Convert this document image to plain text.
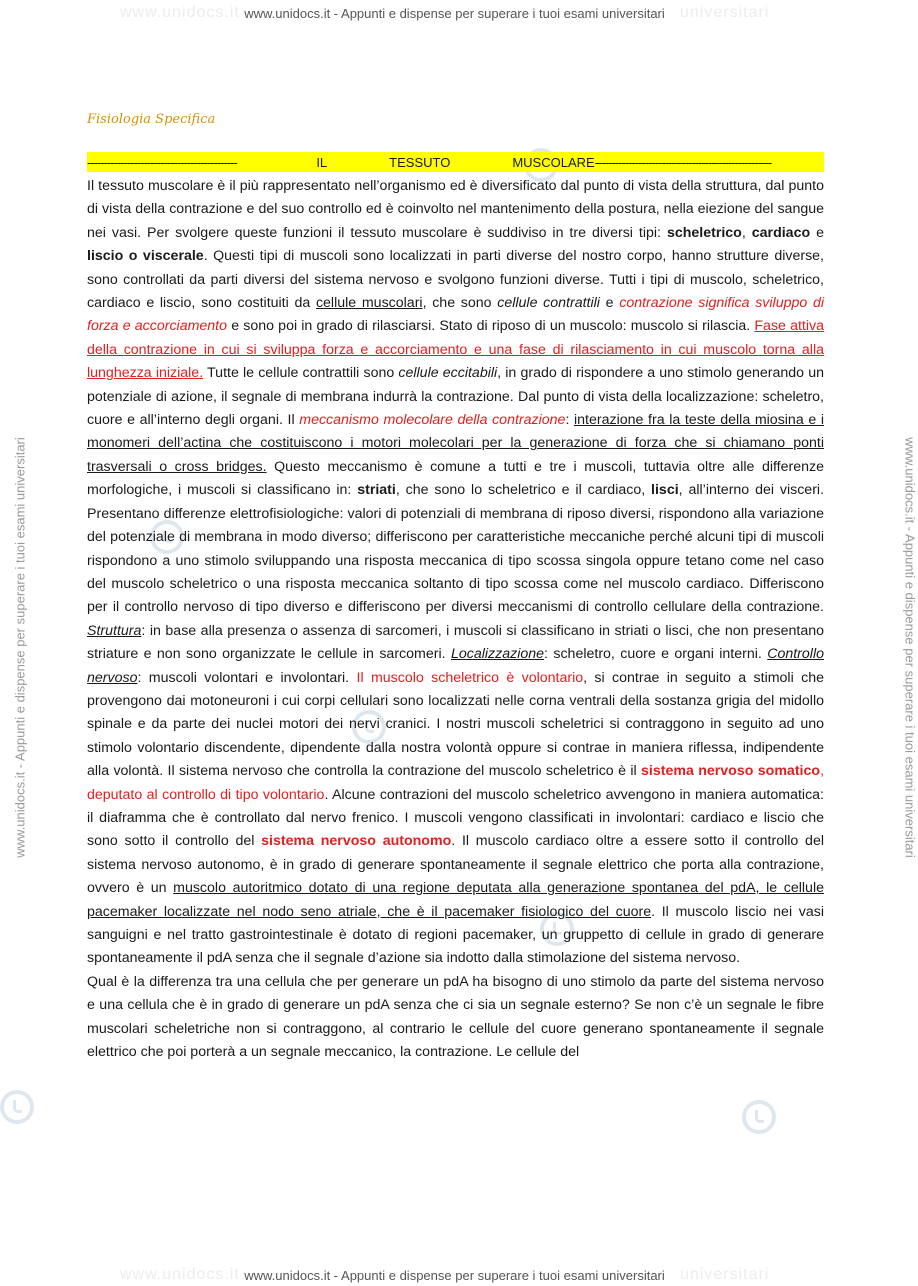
www.unidocs.it	universitari
www.unidocs.it - Appunti e dispense per superare i tuoi esami universitari
www.unidocs.it - Appunti e dispense per superare i tuoi esami universitari	www.unidocs.it - Appunti e dispense per superare i tuoi esami universitari
www.unidocs.it	universitari
www.unidocs.it - Appunti e dispense per superare i tuoi esami universitari
Fisiologia Specifica
---------------------------------------------	IL	TESSUTO	MUSCOLARE -----------------------------------------------------

Il tessuto muscolare è il più rappresentato nell’organismo ed è diversificato dal punto di vista della struttura, dal punto di vista della contrazione e del suo controllo ed è coinvolto nel mantenimento della postura, nella eiezione del sangue nei vasi. Per svolgere queste funzioni il tessuto muscolare è suddiviso in tre diversi tipi: scheletrico, cardiaco e liscio o viscerale. Questi tipi di muscoli sono localizzati in parti diverse del nostro corpo, hanno strutture diverse, sono controllati da parti diversi del sistema nervoso e svolgono funzioni diverse. Tutti i tipi di muscolo, scheletrico, cardiaco e liscio, sono costituiti da cellule muscolari, che sono cellule contrattili e contrazione significa sviluppo di forza e accorciamento e sono poi in grado di rilasciarsi. Stato di riposo di un muscolo: muscolo si rilascia. Fase attiva della contrazione in cui si sviluppa forza e accorciamento e una fase di rilasciamento in cui muscolo torna alla lunghezza iniziale. Tutte le cellule contrattili sono cellule eccitabili, in grado di rispondere a uno stimolo generando un potenziale di azione, il segnale di membrana indurrà la contrazione. Dal punto di vista della localizzazione: scheletro, cuore e all’interno degli organi. Il meccanismo molecolare della contrazione: interazione fra la teste della miosina e i monomeri dell’actina che costituiscono i motori molecolari per la generazione di forza che si chiamano ponti trasversali o cross bridges. Questo meccanismo è comune a tutti e tre i muscoli, tuttavia oltre alle differenze morfologiche, i muscoli si classificano in: striati, che sono lo scheletrico e il cardiaco, lisci, all’interno dei visceri. Presentano differenze elettrofisiologiche: valori di potenziali di membrana di riposo diversi, rispondono alla variazione del potenziale di membrana in modo diverso; differiscono per caratteristiche meccaniche perché alcuni tipi di muscoli rispondono a uno stimolo sviluppando una risposta meccanica di tipo scossa singola oppure tetano come nel caso del muscolo scheletrico o una risposta meccanica soltanto di tipo scossa come nel muscolo cardiaco. Differiscono per il controllo nervoso di tipo diverso e differiscono per diversi meccanismi di controllo cellulare della contrazione. Struttura: in base alla presenza o assenza di sarcomeri, i muscoli si classificano in striati o lisci, che non presentano striature e non sono organizzate le cellule in sarcomeri. Localizzazione: scheletro, cuore e organi interni. Controllo nervoso: muscoli volontari e involontari. Il muscolo scheletrico è volontario, si contrae in seguito a stimoli che provengono dai motoneuroni i cui corpi cellulari sono localizzati nelle corna ventrali della sostanza grigia del midollo spinale e da parte dei nuclei motori dei nervi cranici. I nostri muscoli scheletrici si contraggono in seguito ad uno stimolo volontario discendente, dipendente dalla nostra volontà oppure si contrae in maniera riflessa, indipendente alla volontà. Il sistema nervoso che controlla la contrazione del muscolo scheletrico è il sistema nervoso somatico, deputato al controllo di tipo volontario. Alcune contrazioni del muscolo scheletrico avvengono in maniera automatica: il diaframma che è controllato dal nervo frenico. I muscoli vengono classificati in involontari: cardiaco e liscio che sono sotto il controllo del sistema nervoso autonomo. Il muscolo cardiaco oltre a essere sotto il controllo del sistema nervoso autonomo, è in grado di generare spontaneamente il segnale elettrico che porta alla contrazione, ovvero è un muscolo autoritmico dotato di una regione deputata alla generazione spontanea del pdA, le cellule pacemaker localizzate nel nodo seno atriale, che è il pacemaker fisiologico del cuore. Il muscolo liscio nei vasi sanguigni e nel tratto gastrointestinale è dotato di regioni pacemaker, un gruppetto di cellule in grado di generare spontaneamente il pdA senza che il segnale d’azione sia indotto dalla stimolazione del sistema nervoso.

Qual è la differenza tra una cellula che per generare un pdA ha bisogno di uno stimolo da parte del sistema nervoso e una cellula che è in grado di generare un pdA senza che ci sia un segnale esterno? Se non c’è un segnale le fibre muscolari scheletriche non si contraggono, al contrario le cellule del cuore generano spontaneamente il segnale elettrico che poi porterà a un segnale meccanico, la contrazione. Le cellule del
